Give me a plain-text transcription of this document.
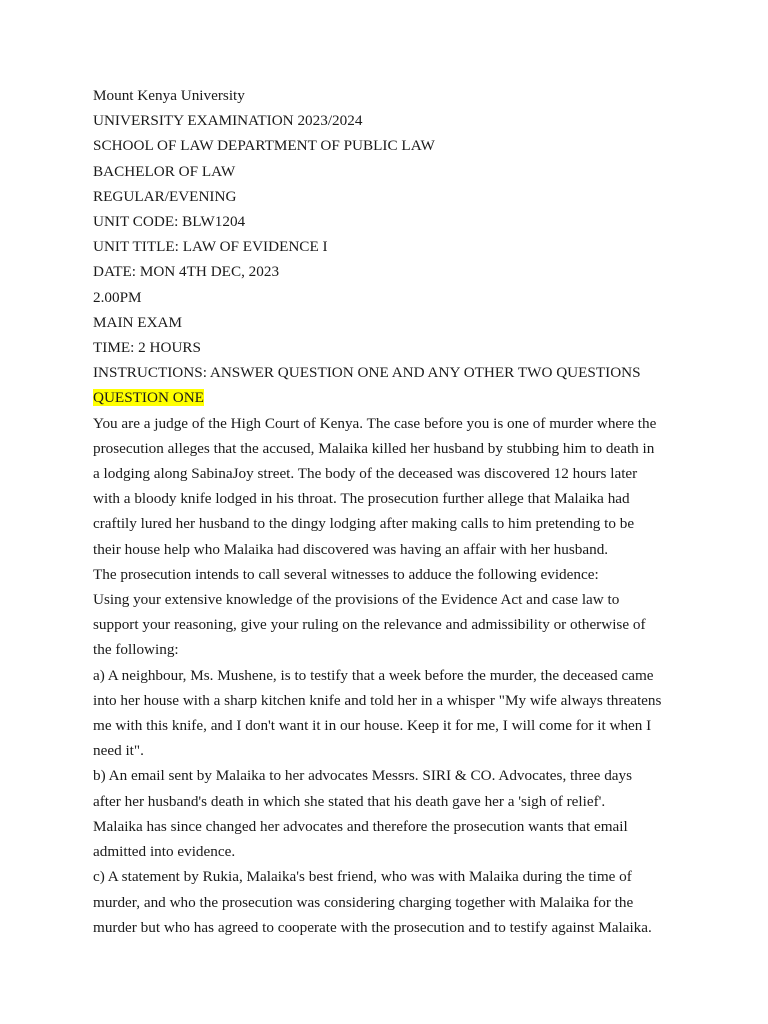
Mount Kenya University
UNIVERSITY EXAMINATION 2023/2024
SCHOOL OF LAW DEPARTMENT OF PUBLIC LAW
BACHELOR OF LAW
REGULAR/EVENING
UNIT CODE: BLW1204
UNIT TITLE: LAW OF EVIDENCE I
DATE: MON 4TH DEC, 2023
2.00PM
MAIN EXAM
TIME: 2 HOURS
INSTRUCTIONS: ANSWER QUESTION ONE AND ANY OTHER TWO QUESTIONS
QUESTION ONE
You are a judge of the High Court of Kenya. The case before you is one of murder where the
prosecution alleges that the accused, Malaika killed her husband by stubbing him to death in
a lodging along SabinaJoy street. The body of the deceased was discovered 12 hours later
with a bloody knife lodged in his throat. The prosecution further allege that Malaika had
craftily lured her husband to the dingy lodging after making calls to him pretending to be
their house help who Malaika had discovered was having an affair with her husband.
The prosecution intends to call several witnesses to adduce the following evidence:
Using your extensive knowledge of the provisions of the Evidence Act and case law to
support your reasoning, give your ruling on the relevance and admissibility or otherwise of
the following:
a) A neighbour, Ms. Mushene, is to testify that a week before the murder, the deceased came
into her house with a sharp kitchen knife and told her in a whisper "My wife always threatens
me with this knife, and I don't want it in our house. Keep it for me, I will come for it when I
need it".
b) An email sent by Malaika to her advocates Messrs. SIRI & CO. Advocates, three days
after her husband's death in which she stated that his death gave her a 'sigh of relief'.
Malaika has since changed her advocates and therefore the prosecution wants that email
admitted into evidence.
c) A statement by Rukia, Malaika's best friend, who was with Malaika during the time of
murder, and who the prosecution was considering charging together with Malaika for the
murder but who has agreed to cooperate with the prosecution and to testify against Malaika.
